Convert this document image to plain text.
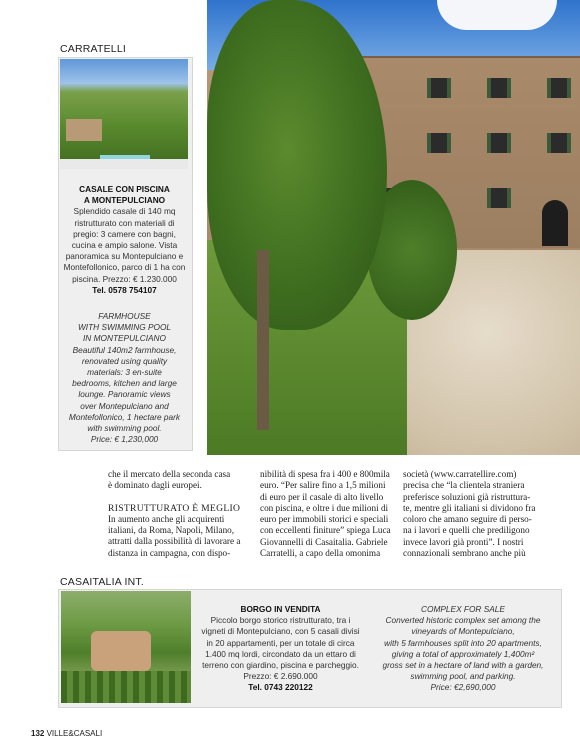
CARRATELLI
CASALE CON PISCINA
A MONTEPULCIANO
Splendido casale di 140 mq
ristrutturato con materiali di
pregio: 3 camere con bagni,
cucina e ampio salone. Vista
panoramica su Montepulciano e
Montefollonico, parco di 1 ha con
piscina. Prezzo: € 1.230.000
Tel. 0578 754107
FARMHOUSE
WITH SWIMMING POOL
IN MONTEPULCIANO
Beautiful 140m2 farmhouse,
renovated using quality
materials: 3 en-suite
bedrooms, kitchen and large
lounge. Panoramic views
over Montepulciano and
Montefollonico, 1 hectare park
with swimming pool.
Price: € 1,230,000
che il mercato della seconda casa
è dominato dagli europei.
RISTRUTTURATO È MEGLIO
In aumento anche gli acquirenti
italiani, da Roma, Napoli, Milano,
attratti dalla possibilità di lavorare a
distanza in campagna, con dispo-
nibilità di spesa fra i 400 e 800mila
euro. “Per salire fino a 1,5 milioni
di euro per il casale di alto livello
con piscina, e oltre i due milioni di
euro per immobili storici e speciali
con eccellenti finiture” spiega Luca
Giovannelli di Casaitalia. Gabriele
Carratelli, a capo della omonima
società (www.carratellire.com)
precisa che “la clientela straniera
preferisce soluzioni già ristruttura-
te, mentre gli italiani si dividono fra
coloro che amano seguire di perso-
na i lavori e quelli che prediligono
invece lavori già pronti”. I nostri
connazionali sembrano anche più
CASAITALIA INT.
BORGO IN VENDITA
Piccolo borgo storico ristrutturato, tra i
vigneti di Montepulciano, con 5 casali divisi
in 20 appartamenti, per un totale di circa
1.400 mq lordi, circondato da un ettaro di
terreno con giardino, piscina e parcheggio.
Prezzo: € 2.690.000
Tel. 0743 220122
COMPLEX FOR SALE
Converted historic complex set among the
vineyards of Montepulciano,
with 5 farmhouses split into 20 apartments,
giving a total of approximately 1,400m²
gross set in a hectare of land with a garden,
swimming pool, and parking.
Price: €2,690,000
132 VILLE&CASALI
